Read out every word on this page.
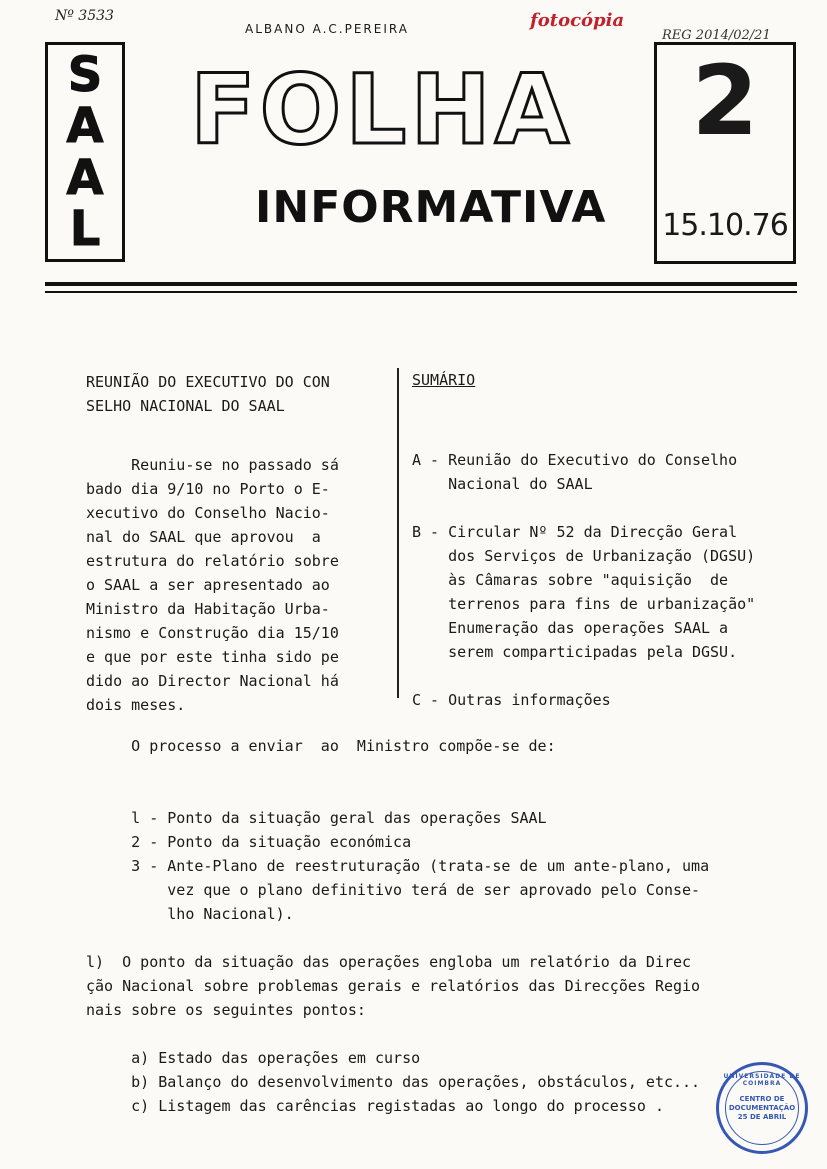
Nº 3533	fotocópia
REG 2014/02/21
ALBANO A.C.PEREIRA
S
A
A
L
FOLHA
INFORMATIVA
2
15.10.76
REUNIÃO DO EXECUTIVO DO CON
SELHO NACIONAL DO SAAL
SUMÁRIO
Reuniu-se no passado sá
bado dia 9/10 no Porto o E-
xecutivo do Conselho Nacio-
nal do SAAL que aprovou  a
estrutura do relatório sobre
o SAAL a ser apresentado ao
Ministro da Habitação Urba-
nismo e Construção dia 15/10
e que por este tinha sido pe
dido ao Director Nacional há
dois meses.
A - Reunião do Executivo do Conselho
Nacional do SAAL

B - Circular Nº 52 da Direcção Geral
dos Serviços de Urbanização (DGSU)
às Câmaras sobre "aquisição  de
terrenos para fins de urbanização"
Enumeração das operações SAAL a
serem comparticipadas pela DGSU.

C - Outras informações
O processo a enviar  ao  Ministro compõe-se de:

l - Ponto da situação geral das operações SAAL
2 - Ponto da situação económica
3 - Ante-Plano de reestruturação (trata-se de um ante-plano, uma
vez que o plano definitivo terá de ser aprovado pelo Conse-
lho Nacional).

l)  O ponto da situação das operações engloba um relatório da Direc
ção Nacional sobre problemas gerais e relatórios das Direcções Regio
nais sobre os seguintes pontos:

a) Estado das operações em curso
b) Balanço do desenvolvimento das operações, obstáculos, etc...
c) Listagem das carências registadas ao longo do processo .
UNIVERSIDADE DE COIMBRA
CENTRO DE
DOCUMENTAÇÃO
25 DE ABRIL
